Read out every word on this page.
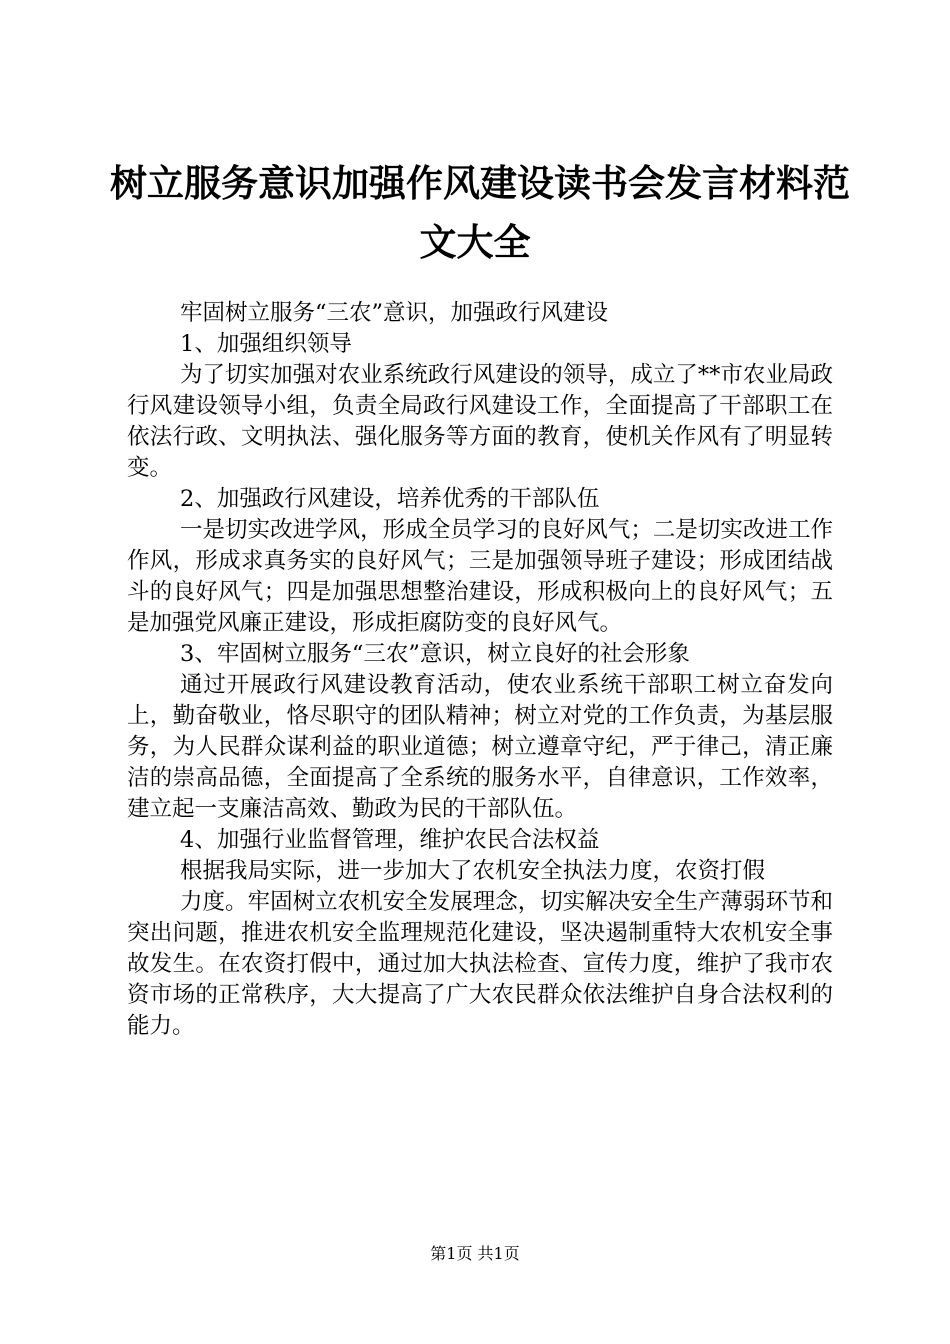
树立服务意识加强作风建设读书会发言材料范
文大全

牢固树立服务“三农”意识，加强政行风建设

1、加强组织领导

为了切实加强对农业系统政行风建设的领导，成立了**市农业局政行风建设领导小组，负责全局政行风建设工作，全面提高了干部职工在依法行政、文明执法、强化服务等方面的教育，使机关作风有了明显转变。

2、加强政行风建设，培养优秀的干部队伍

一是切实改进学风，形成全员学习的良好风气；二是切实改进工作作风，形成求真务实的良好风气；三是加强领导班子建设；形成团结战斗的良好风气；四是加强思想整治建设，形成积极向上的良好风气；五是加强党风廉正建设，形成拒腐防变的良好风气。

3、牢固树立服务“三农”意识，树立良好的社会形象

通过开展政行风建设教育活动，使农业系统干部职工树立奋发向上，勤奋敬业，恪尽职守的团队精神；树立对党的工作负责，为基层服务，为人民群众谋利益的职业道德；树立遵章守纪，严于律己，清正廉洁的崇高品德，全面提高了全系统的服务水平，自律意识，工作效率，建立起一支廉洁高效、勤政为民的干部队伍。

4、加强行业监督管理，维护农民合法权益

根据我局实际，进一步加大了农机安全执法力度，农资打假

力度。牢固树立农机安全发展理念，切实解决安全生产薄弱环节和突出问题，推进农机安全监理规范化建设，坚决遏制重特大农机安全事故发生。在农资打假中，通过加大执法检查、宣传力度，维护了我市农资市场的正常秩序，大大提高了广大农民群众依法维护自身合法权利的能力。

第1页 共1页
